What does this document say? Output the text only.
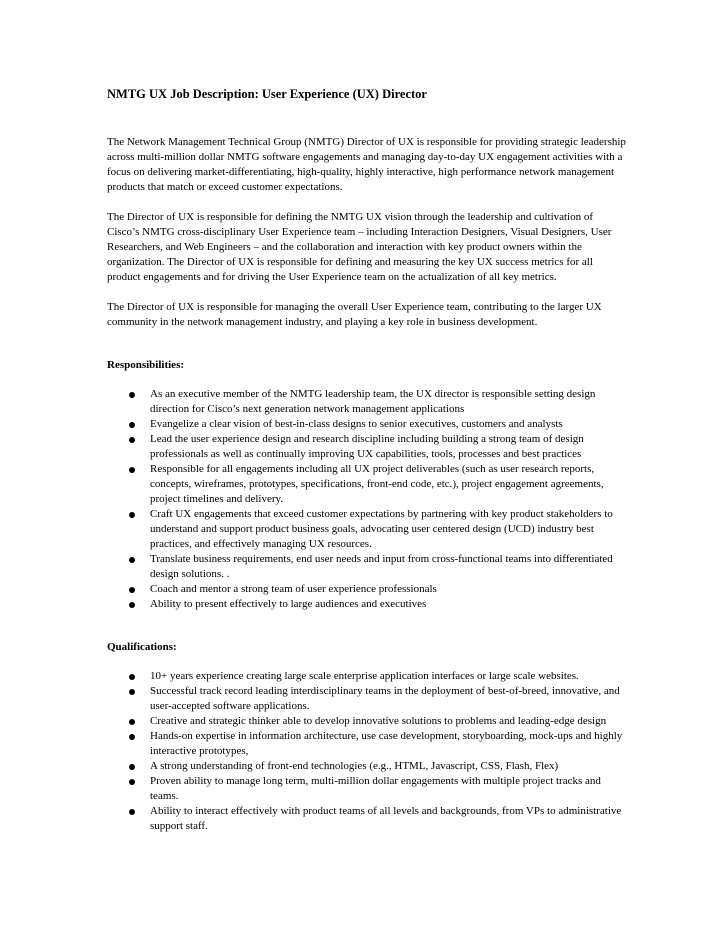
NMTG UX Job Description: User Experience (UX) Director

The Network Management Technical Group (NMTG) Director of UX is responsible for providing strategic leadership across multi-million dollar NMTG software engagements and managing day-to-day UX engagement activities with a focus on delivering market-differentiating, high-quality, highly interactive, high performance network management products that match or exceed customer expectations.

The Director of UX is responsible for defining the NMTG UX vision through the leadership and cultivation of Cisco’s NMTG cross-disciplinary User Experience team – including Interaction Designers, Visual Designers, User Researchers, and Web Engineers – and the collaboration and interaction with key product owners within the organization. The Director of UX is responsible for defining and measuring the key UX success metrics for all product engagements and for driving the User Experience team on the actualization of all key metrics.

The Director of UX is responsible for managing the overall User Experience team, contributing to the larger UX community in the network management industry, and playing a key role in business development.

Responsibilities:
As an executive member of the NMTG leadership team, the UX director is responsible setting design direction for Cisco’s next generation network management applications
Evangelize a clear vision of best-in-class designs to senior executives, customers and analysts
Lead the user experience design and research discipline including building a strong team of design professionals as well as continually improving UX capabilities, tools, processes and best practices
Responsible for all engagements including all UX project deliverables (such as user research reports, concepts, wireframes, prototypes, specifications, front-end code, etc.), project engagement agreements, project timelines and delivery.
Craft UX engagements that exceed customer expectations by partnering with key product stakeholders to understand and support product business goals, advocating user centered design (UCD) industry best practices, and effectively managing UX resources.
Translate business requirements, end user needs and input from cross-functional teams into differentiated design solutions. .
Coach and mentor a strong team of user experience professionals
Ability to present effectively to large audiences and executives
Qualifications:
10+ years experience creating large scale enterprise application interfaces or large scale websites.
Successful track record leading interdisciplinary teams in the deployment of best-of-breed, innovative, and user-accepted software applications.
Creative and strategic thinker able to develop innovative solutions to problems and leading-edge design
Hands-on expertise in information architecture, use case development, storyboarding, mock-ups and highly interactive prototypes,
A strong understanding of front-end technologies (e.g., HTML, Javascript, CSS, Flash, Flex)
Proven ability to manage long term, multi-million dollar engagements with multiple project tracks and teams.
Ability to interact effectively with product teams of all levels and backgrounds, from VPs to administrative support staff.
